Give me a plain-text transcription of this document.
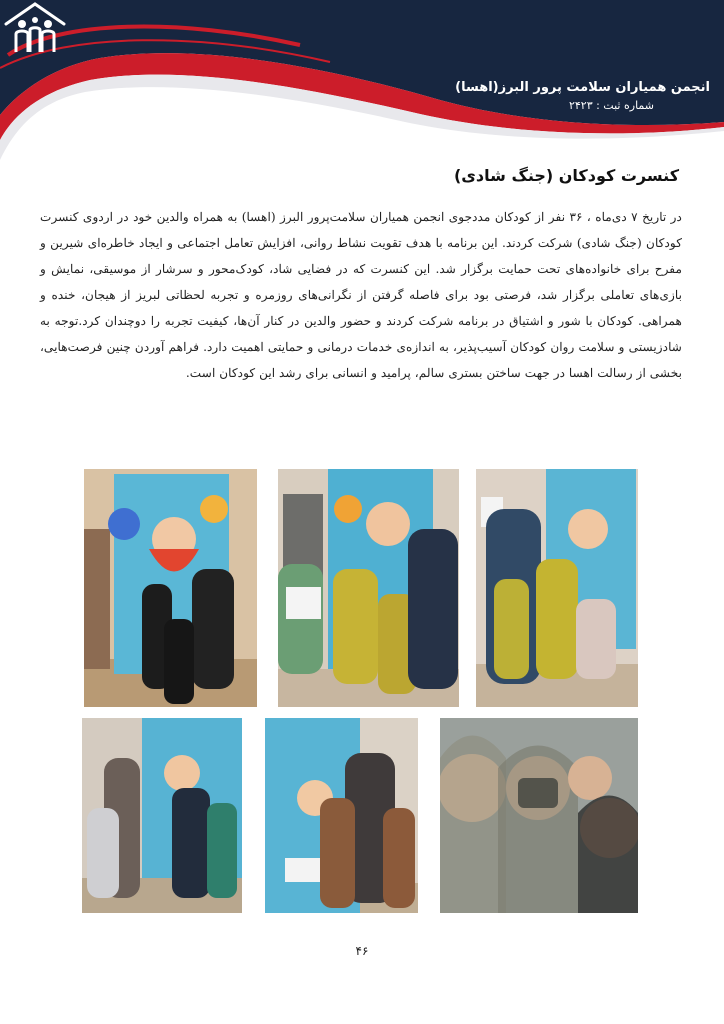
انجمن همیاران سلامت پرور البرز(اهسا)
شماره ثبت : ۲۴۲۳
کنسرت کودکان (جنگ شادی)

در تاریخ ۷ دی‌ماه ، ۳۶ نفر از کودکان مددجوی انجمن همیاران سلامت‌پرور البرز (اهسا) به همراه والدین خود در اردوی کنسرت کودکان (جنگ شادی) شرکت کردند. این برنامه با هدف تقویت نشاط روانی، افزایش تعامل اجتماعی و ایجاد خاطره‌ای شیرین و مفرح برای خانواده‌های تحت حمایت برگزار شد. این کنسرت که در فضایی شاد، کودک‌محور و سرشار از موسیقی، نمایش و بازی‌های تعاملی برگزار شد، فرصتی بود برای فاصله گرفتن از نگرانی‌های روزمره و تجربه لحظاتی لبریز از هیجان، خنده و همراهی. کودکان با شور و اشتیاق در برنامه شرکت کردند و حضور والدین در کنار آن‌ها، کیفیت تجربه را دوچندان کرد.توجه به شادزیستی و سلامت روان کودکان آسیب‌پذیر، به اندازه‌ی خدمات درمانی و حمایتی اهمیت دارد. فراهم آوردن چنین فرصت‌هایی، بخشی از رسالت اهسا در جهت ساختن بستری سالم، پرامید و انسانی برای رشد این کودکان است.

۴۶
